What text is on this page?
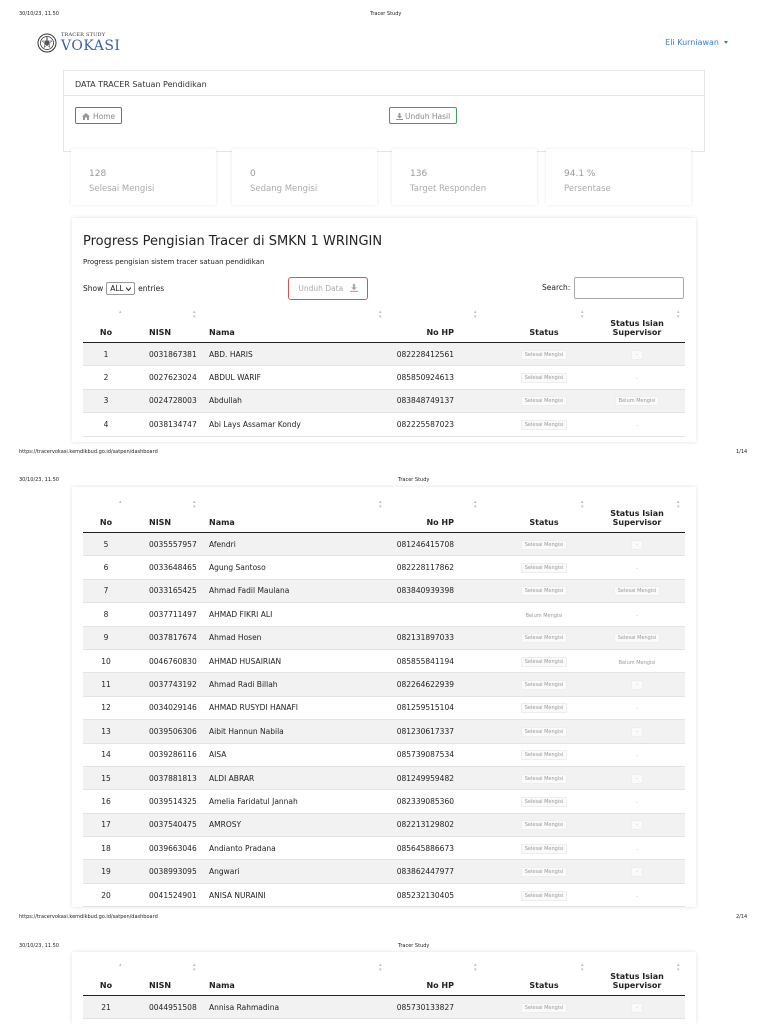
30/10/23, 11.50	Tracer Study
TRACER STUDY
VOKASI	Eli Kurniawan
DATA TRACER Satuan Pendidikan
Home	Unduh Hasil
128
Selesai Mengisi
0
Sedang Mengisi
136
Target Responden
94.1 %
Persentase
Progress Pengisian Tracer di SMKN 1 WRINGIN
Progress pengisian sistem tracer satuan pendidikan
Show ALL entries	Unduh Data	Search:
No
▴	NISN
▴
▾	Nama
▴
▾	No HP
▴
▾	Status
▴
▾	Status Isian
Supervisor
▴
▾

1	0031867381	ABD. HARIS	082228412561	Selesai Mengisi	-
2	0027623024	ABDUL WARIF	085850924613	Selesai Mengisi	-
3	0024728003	Abdullah	083848749137	Selesai Mengisi	Belum Mengisi
4	0038134747	Abi Lays Assamar Kondy	082225587023	Selesai Mengisi	-
https://tracervokasi.kemdikbud.go.id/satpen/dashboard	1/14
30/10/23, 11.50	Tracer Study
No
▴	NISN
▴
▾	Nama
▴
▾	No HP
▴
▾	Status
▴
▾	Status Isian
Supervisor
▴
▾

5	0035557957	Afendri	081246415708	Selesai Mengisi	-
6	0033648465	Agung Santoso	082228117862	Selesai Mengisi	-
7	0033165425	Ahmad Fadil Maulana	083840939398	Selesai Mengisi	Selesai Mengisi
8	0037711497	AHMAD FIKRI ALI		Belum Mengisi	-
9	0037817674	Ahmad Hosen	082131897033	Selesai Mengisi	Selesai Mengisi
10	0046760830	AHMAD HUSAIRIAN	085855841194	Selesai Mengisi	Belum Mengisi
11	0037743192	Ahmad Radi Billah	082264622939	Selesai Mengisi	-
12	0034029146	AHMAD RUSYDI HANAFI	081259515104	Selesai Mengisi	-
13	0039506306	Aibit Hannun Nabila	081230617337	Selesai Mengisi	-
14	0039286116	AISA	085739087534	Selesai Mengisi	-
15	0037881813	ALDI ABRAR	081249959482	Selesai Mengisi	-
16	0039514325	Amelia Faridatul Jannah	082339085360	Selesai Mengisi	-
17	0037540475	AMROSY	082213129802	Selesai Mengisi	-
18	0039663046	Andianto Pradana	085645886673	Selesai Mengisi	-
19	0038993095	Angwari	083862447977	Selesai Mengisi	-
20	0041524901	ANISA NURAINI	085232130405	Selesai Mengisi	-
https://tracervokasi.kemdikbud.go.id/satpen/dashboard	2/14
30/10/23, 11.50	Tracer Study
No
▴	NISN
▴
▾	Nama
▴
▾	No HP
▴
▾	Status
▴
▾	Status Isian
Supervisor
▴
▾

21	0044951508	Annisa Rahmadina	085730133827	Selesai Mengisi	-
